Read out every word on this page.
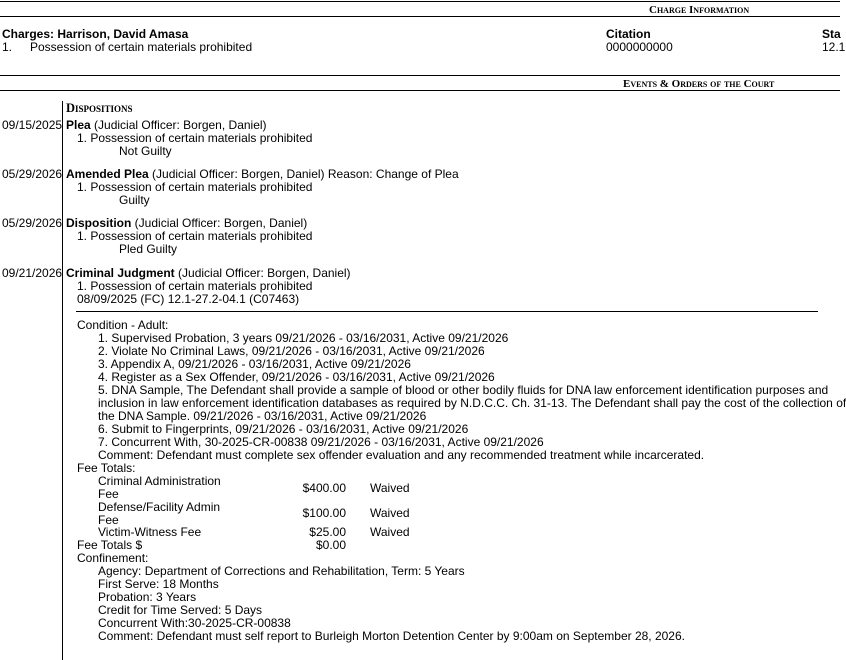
Charge Information
Charges: Harrison, David Amasa	Citation	Sta
1. Possession of certain materials prohibited	0000000000	12.1
Events & Orders of the Court
Dispositions
09/15/2025 Plea (Judicial Officer: Borgen, Daniel)
1. Possession of certain materials prohibited
Not Guilty
05/29/2026 Amended Plea (Judicial Officer: Borgen, Daniel) Reason: Change of Plea
1. Possession of certain materials prohibited
Guilty
05/29/2026 Disposition (Judicial Officer: Borgen, Daniel)
1. Possession of certain materials prohibited
Pled Guilty
09/21/2026 Criminal Judgment (Judicial Officer: Borgen, Daniel)
1. Possession of certain materials prohibited
08/09/2025 (FC) 12.1-27.2-04.1 (C07463)
Condition - Adult:
1. Supervised Probation, 3 years 09/21/2026 - 03/16/2031, Active 09/21/2026
2. Violate No Criminal Laws, 09/21/2026 - 03/16/2031, Active 09/21/2026
3. Appendix A, 09/21/2026 - 03/16/2031, Active 09/21/2026
4. Register as a Sex Offender, 09/21/2026 - 03/16/2031, Active 09/21/2026
5. DNA Sample, The Defendant shall provide a sample of blood or other bodily fluids for DNA law enforcement identification purposes and
inclusion in law enforcement identification databases as required by N.D.C.C. Ch. 31-13. The Defendant shall pay the cost of the collection of
the DNA Sample. 09/21/2026 - 03/16/2031, Active 09/21/2026
6. Submit to Fingerprints, 09/21/2026 - 03/16/2031, Active 09/21/2026
7. Concurrent With, 30-2025-CR-00838 09/21/2026 - 03/16/2031, Active 09/21/2026
Comment: Defendant must complete sex offender evaluation and any recommended treatment while incarcerated.
Fee Totals:
Criminal Administration Fee	$400.00 Waived
Defense/Facility Admin Fee	$100.00 Waived
Victim-Witness Fee	$25.00 Waived
Fee Totals $	$0.00
Confinement:
Agency: Department of Corrections and Rehabilitation, Term: 5 Years
First Serve: 18 Months
Probation: 3 Years
Credit for Time Served: 5 Days
Concurrent With:30-2025-CR-00838
Comment: Defendant must self report to Burleigh Morton Detention Center by 9:00am on September 28, 2026.
